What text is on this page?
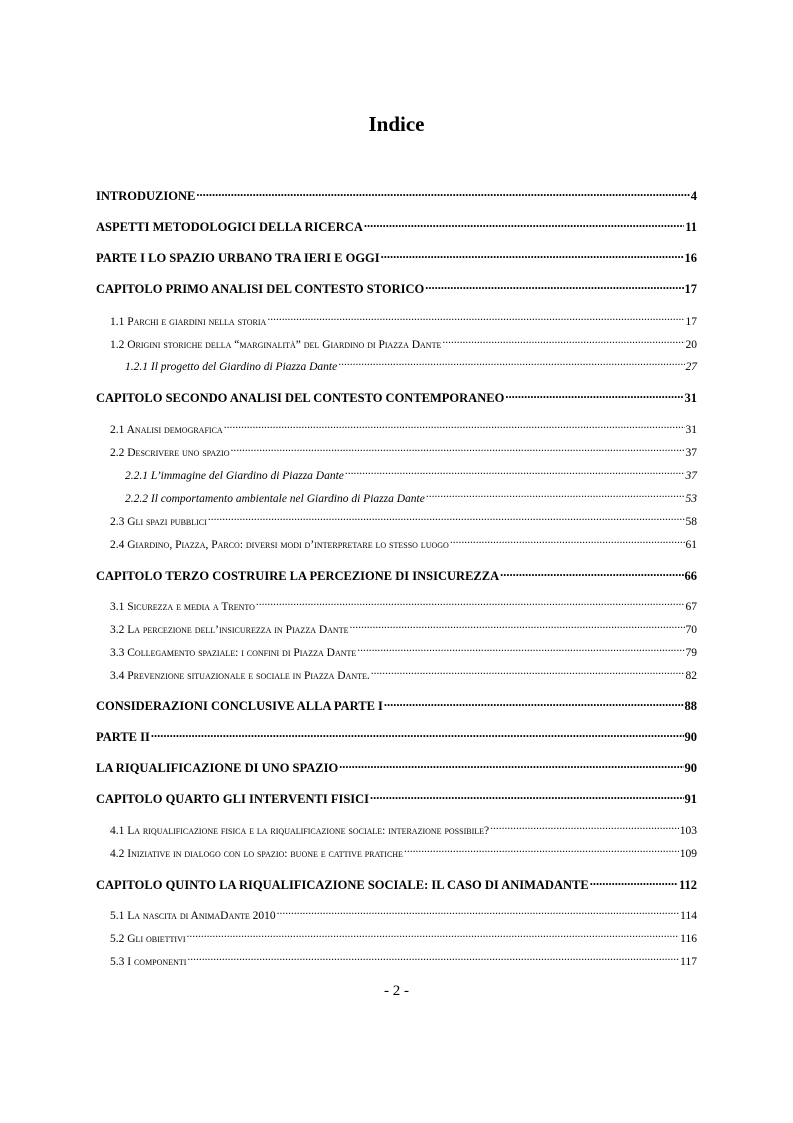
Indice
INTRODUZIONE .....	4
ASPETTI METODOLOGICI DELLA RICERCA .....	11
PARTE I LO SPAZIO URBANO TRA IERI E OGGI .....	16
CAPITOLO PRIMO ANALISI DEL CONTESTO STORICO .....	17
1.1 Parchi e giardini nella storia .....	17
1.2 Origini storiche della “marginalità” del Giardino di Piazza Dante .....	20
1.2.1 Il progetto del Giardino di Piazza Dante .....	27
CAPITOLO SECONDO ANALISI DEL CONTESTO CONTEMPORANEO .....	31
2.1 Analisi demografica .....	31
2.2 Descrivere uno spazio .....	37
2.2.1 L’immagine del Giardino di Piazza Dante .....	37
2.2.2 Il comportamento ambientale nel Giardino di Piazza Dante .....	53
2.3 Gli spazi pubblici .....	58
2.4 Giardino, Piazza, Parco: diversi modi d’interpretare lo stesso luogo .....	61
CAPITOLO TERZO COSTRUIRE LA PERCEZIONE DI INSICUREZZA .....	66
3.1 Sicurezza e media a Trento .....	67
3.2 La percezione dell’insicurezza in Piazza Dante .....	70
3.3 Collegamento spaziale: i confini di Piazza Dante .....	79
3.4 Prevenzione situazionale e sociale in Piazza Dante. .....	82
CONSIDERAZIONI CONCLUSIVE ALLA PARTE I .....	88
PARTE II .....	90
LA RIQUALIFICAZIONE DI UNO SPAZIO .....	90
CAPITOLO QUARTO GLI INTERVENTI FISICI .....	91
4.1 La riqualificazione fisica e la riqualificazione sociale: interazione possibile? .....	103
4.2 Iniziative in dialogo con lo spazio: buone e cattive pratiche .....	109
CAPITOLO QUINTO LA RIQUALIFICAZIONE SOCIALE: IL CASO DI ANIMADANTE .....	112
5.1 La nascita di AnimaDante 2010 .....	114
5.2 Gli obiettivi .....	116
5.3 I componenti .....	117
- 2 -
